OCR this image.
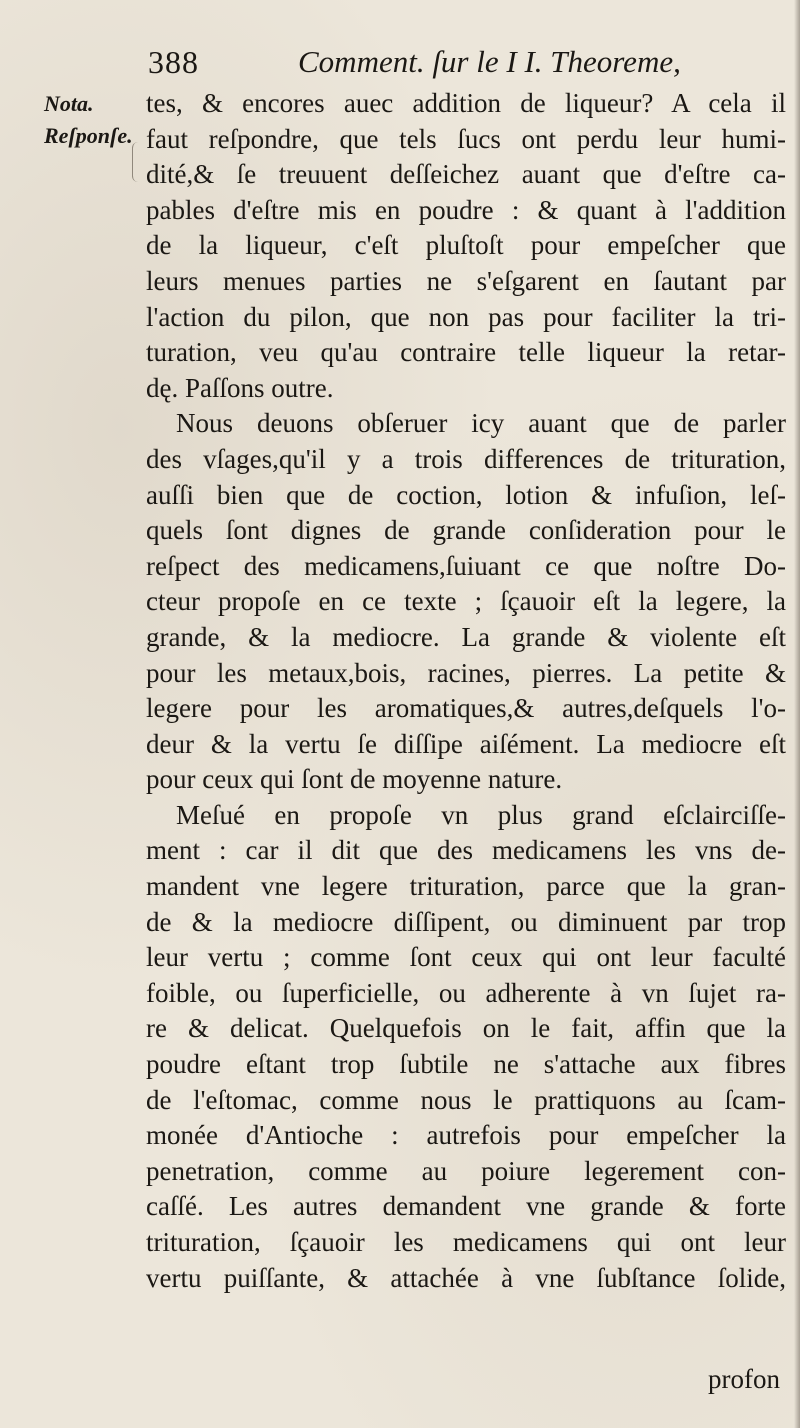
388	Comment. ſur le I I. Theoreme,
Nota.
Reſponſe.
tes, & encores auec addition de liqueur? A cela il
faut reſpondre, que tels ſucs ont perdu leur humi-
dité,& ſe treuuent deſſeichez auant que d'eſtre ca-
pables d'eſtre mis en poudre : & quant à l'addition
de la liqueur, c'eſt pluſtoſt pour empeſcher que
leurs menues parties ne s'eſgarent en ſautant par
l'action du pilon, que non pas pour faciliter la tri-
turation, veu qu'au contraire telle liqueur la retar-
dę. Paſſons outre.
Nous deuons obſeruer icy auant que de parler
des vſages,qu'il y a trois differences de trituration,
auſſi bien que de coction, lotion & infuſion, leſ-
quels ſont dignes de grande conſideration pour le
reſpect des medicamens,ſuiuant ce que noſtre Do-
cteur propoſe en ce texte ; ſçauoir eſt la legere, la
grande, & la mediocre. La grande & violente eſt
pour les metaux,bois, racines, pierres. La petite &
legere pour les aromatiques,& autres,deſquels l'o-
deur & la vertu ſe diſſipe aiſément. La mediocre eſt
pour ceux qui ſont de moyenne nature.
Meſué en propoſe vn plus grand eſclairciſſe-
ment : car il dit que des medicamens les vns de-
mandent vne legere trituration, parce que la gran-
de & la mediocre diſſipent, ou diminuent par trop
leur vertu ; comme ſont ceux qui ont leur faculté
foible, ou ſuperficielle, ou adherente à vn ſujet ra-
re & delicat. Quelquefois on le fait, affin que la
poudre eſtant trop ſubtile ne s'attache aux fibres
de l'eſtomac, comme nous le prattiquons au ſcam-
monée d'Antioche : autrefois pour empeſcher la
penetration, comme au poiure legerement con-
caſſé. Les autres demandent vne grande & forte
trituration, ſçauoir les medicamens qui ont leur
vertu puiſſante, & attachée à vne ſubſtance ſolide,
profon
